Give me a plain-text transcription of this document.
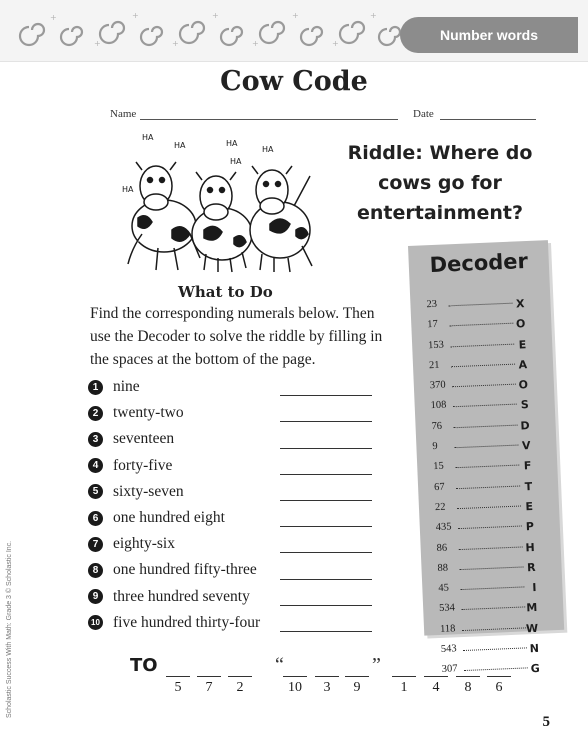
+
+
+
+
+
+
+
+
+
Number words
Cow Code
Name	Date
HA
HA	HA
HA
HA
HA	Riddle: Where do cows go for entertainment?
What to Do
Find the corresponding numerals below. Then use the Decoder to solve the riddle by filling in the spaces at the bottom of the page.
1 nine
2 twenty-two
3 seventeen
4 forty-five
5 sixty-seven
6 one hundred eight
7 eighty-six
8 one hundred fifty-three
9 three hundred seventy
10 five hundred thirty-four
Decoder
23	X
17	O
153	E
21	A
370	O
108	S
76	D
9	V
15	F
67	T
22	E
435	P
86	H
88	R
45	I
534	M
118	W
543	N
307	G
TO
5	7	2
“
10	3	9
”
1	4	8	6
Scholastic Success With Math: Grade 3 © Scholastic Inc.
5
